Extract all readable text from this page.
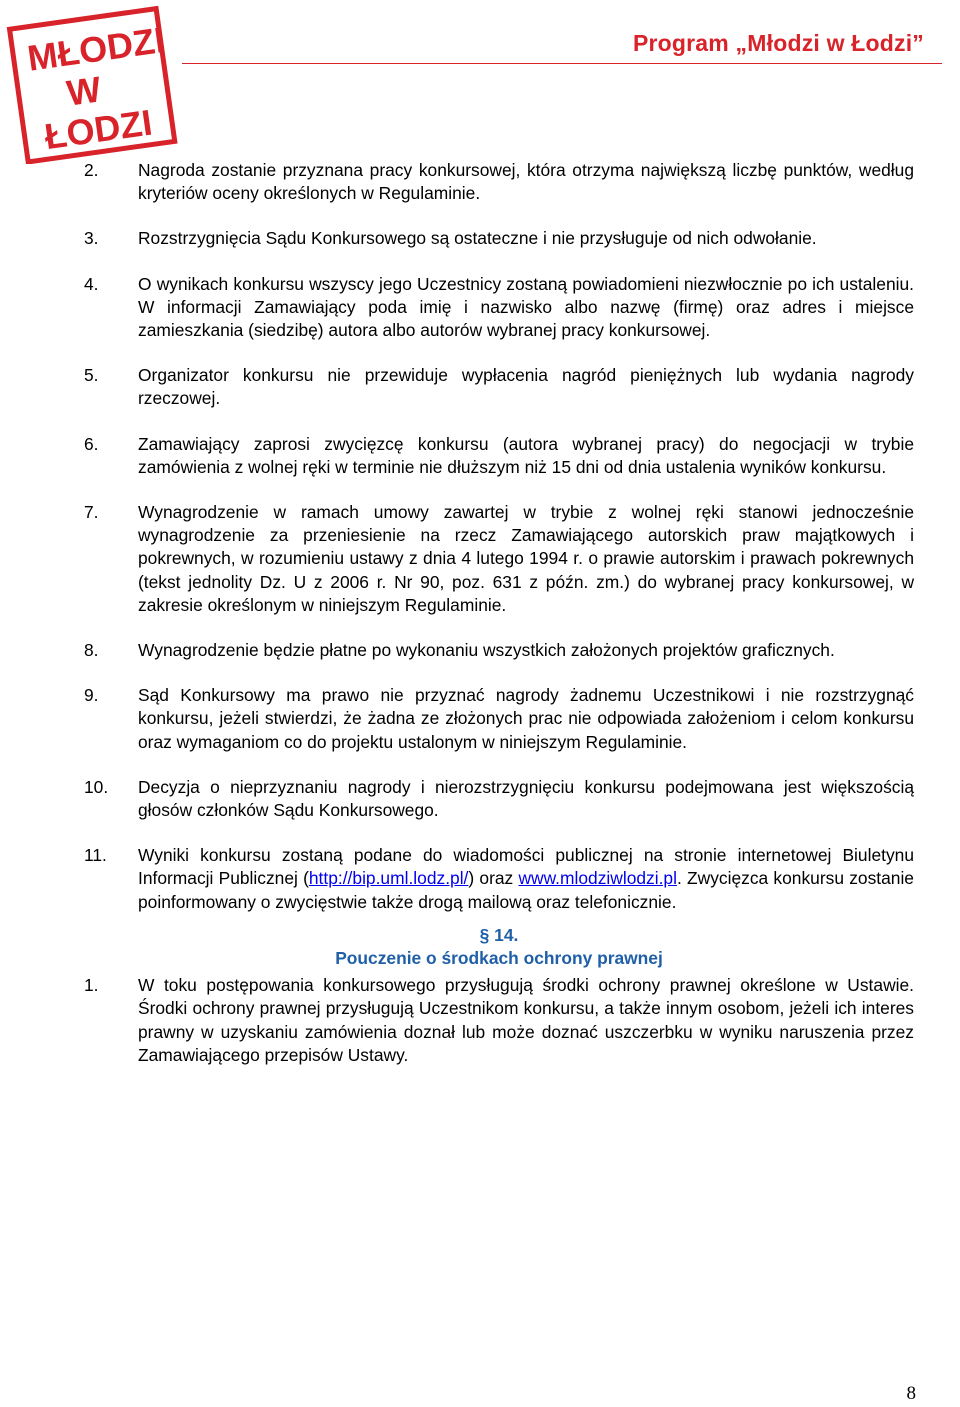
MŁODZI
W
ŁODZI
Program „Młodzi w Łodzi”
2.	Nagroda zostanie przyznana pracy konkursowej, która otrzyma największą liczbę punktów, według kryteriów oceny określonych w Regulaminie.
3.	Rozstrzygnięcia Sądu Konkursowego są ostateczne i nie przysługuje od nich odwołanie.
4.	O wynikach konkursu wszyscy jego Uczestnicy zostaną powiadomieni niezwłocznie po ich ustaleniu. W informacji Zamawiający poda imię i nazwisko albo nazwę (firmę) oraz adres i miejsce zamieszkania (siedzibę) autora albo autorów wybranej pracy konkursowej.
5.	Organizator konkursu nie przewiduje wypłacenia nagród pieniężnych lub wydania nagrody rzeczowej.
6.	Zamawiający zaprosi zwycięzcę konkursu (autora wybranej pracy) do negocjacji w trybie zamówienia z wolnej ręki w terminie nie dłuższym niż 15 dni od dnia ustalenia wyników konkursu.
7.	Wynagrodzenie w ramach umowy zawartej w trybie z wolnej ręki stanowi jednocześnie wynagrodzenie za przeniesienie na rzecz Zamawiającego autorskich praw majątkowych i pokrewnych, w rozumieniu ustawy z dnia 4 lutego 1994 r. o prawie autorskim i prawach pokrewnych (tekst jednolity Dz. U z 2006 r. Nr 90, poz. 631 z późn. zm.) do wybranej pracy konkursowej, w zakresie określonym w niniejszym Regulaminie.
8.	Wynagrodzenie będzie płatne po wykonaniu wszystkich założonych projektów graficznych.
9.	Sąd Konkursowy ma prawo nie przyznać nagrody żadnemu Uczestnikowi i nie rozstrzygnąć konkursu, jeżeli stwierdzi, że żadna ze złożonych prac nie odpowiada założeniom i celom konkursu oraz wymaganiom co do projektu ustalonym w niniejszym Regulaminie.
10.	Decyzja o nieprzyznaniu nagrody i nierozstrzygnięciu konkursu podejmowana jest większością głosów członków Sądu Konkursowego.
11.	Wyniki konkursu zostaną podane do wiadomości publicznej na stronie internetowej Biuletynu Informacji Publicznej (http://bip.uml.lodz.pl/) oraz www.mlodziwlodzi.pl. Zwycięzca konkursu zostanie poinformowany o zwycięstwie także drogą mailową oraz telefonicznie.
§ 14.
Pouczenie o środkach ochrony prawnej
1.	W toku postępowania konkursowego przysługują środki ochrony prawnej określone w Ustawie. Środki ochrony prawnej przysługują Uczestnikom konkursu, a także innym osobom, jeżeli ich interes prawny w uzyskaniu zamówienia doznał lub może doznać uszczerbku w wyniku naruszenia przez Zamawiającego przepisów Ustawy.
8
